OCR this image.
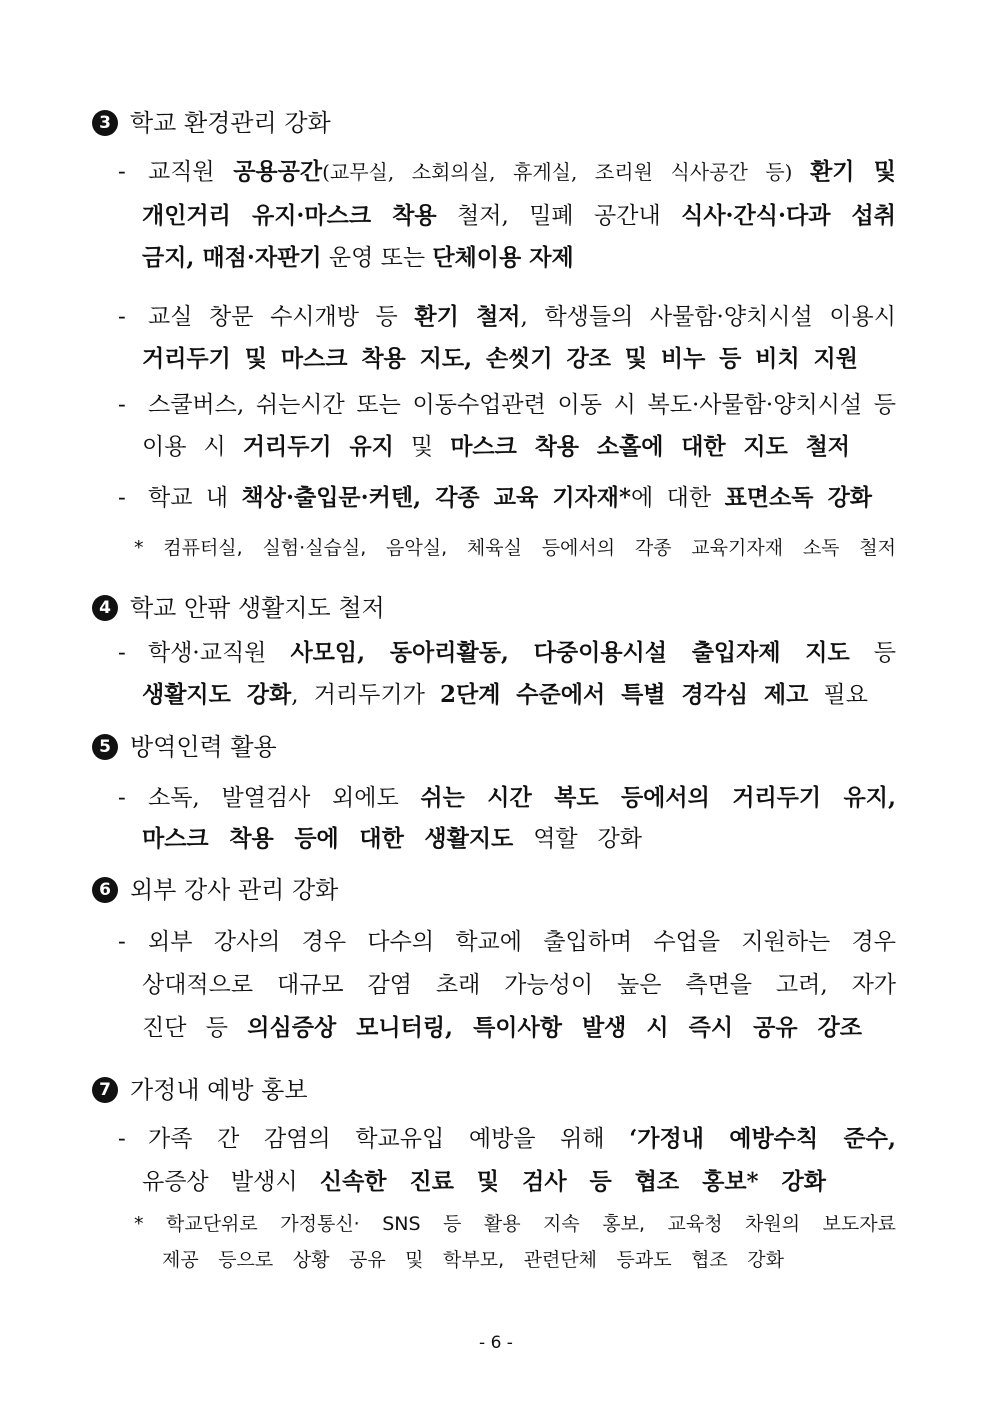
3 학교 환경관리 강화
- 교직원 공용공간(교무실, 소회의실, 휴게실, 조리원 식사공간 등) 환기 및
개인거리 유지·마스크 착용 철저, 밀폐 공간내 식사·간식·다과 섭취
금지, 매점·자판기 운영 또는 단체이용 자제
- 교실 창문 수시개방 등 환기 철저, 학생들의 사물함·양치시설 이용시
거리두기 및 마스크 착용 지도, 손씻기 강조 및 비누 등 비치 지원
- 스쿨버스, 쉬는시간 또는 이동수업관련 이동 시 복도·사물함·양치시설 등
이용 시 거리두기 유지 및 마스크 착용 소홀에 대한 지도 철저
- 학교 내 책상·출입문·커텐, 각종 교육 기자재*에 대한 표면소독 강화
* 컴퓨터실, 실험·실습실, 음악실, 체육실 등에서의 각종 교육기자재 소독 철저
4 학교 안팎 생활지도 철저
- 학생·교직원 사모임, 동아리활동, 다중이용시설 출입자제 지도 등
생활지도 강화, 거리두기가 2단계 수준에서 특별 경각심 제고 필요
5 방역인력 활용
- 소독, 발열검사 외에도 쉬는 시간 복도 등에서의 거리두기 유지,
마스크 착용 등에 대한 생활지도 역할 강화
6 외부 강사 관리 강화
- 외부 강사의 경우 다수의 학교에 출입하며 수업을 지원하는 경우
상대적으로 대규모 감염 초래 가능성이 높은 측면을 고려, 자가
진단 등 의심증상 모니터링, 특이사항 발생 시 즉시 공유 강조
7 가정내 예방 홍보
- 가족 간 감염의 학교유입 예방을 위해 ‘가정내 예방수칙 준수,
유증상 발생시 신속한 진료 및 검사 등 협조 홍보* 강화
* 학교단위로 가정통신· SNS 등 활용 지속 홍보, 교육청 차원의 보도자료
제공 등으로 상황 공유 및 학부모, 관련단체 등과도 협조 강화
- 6 -
